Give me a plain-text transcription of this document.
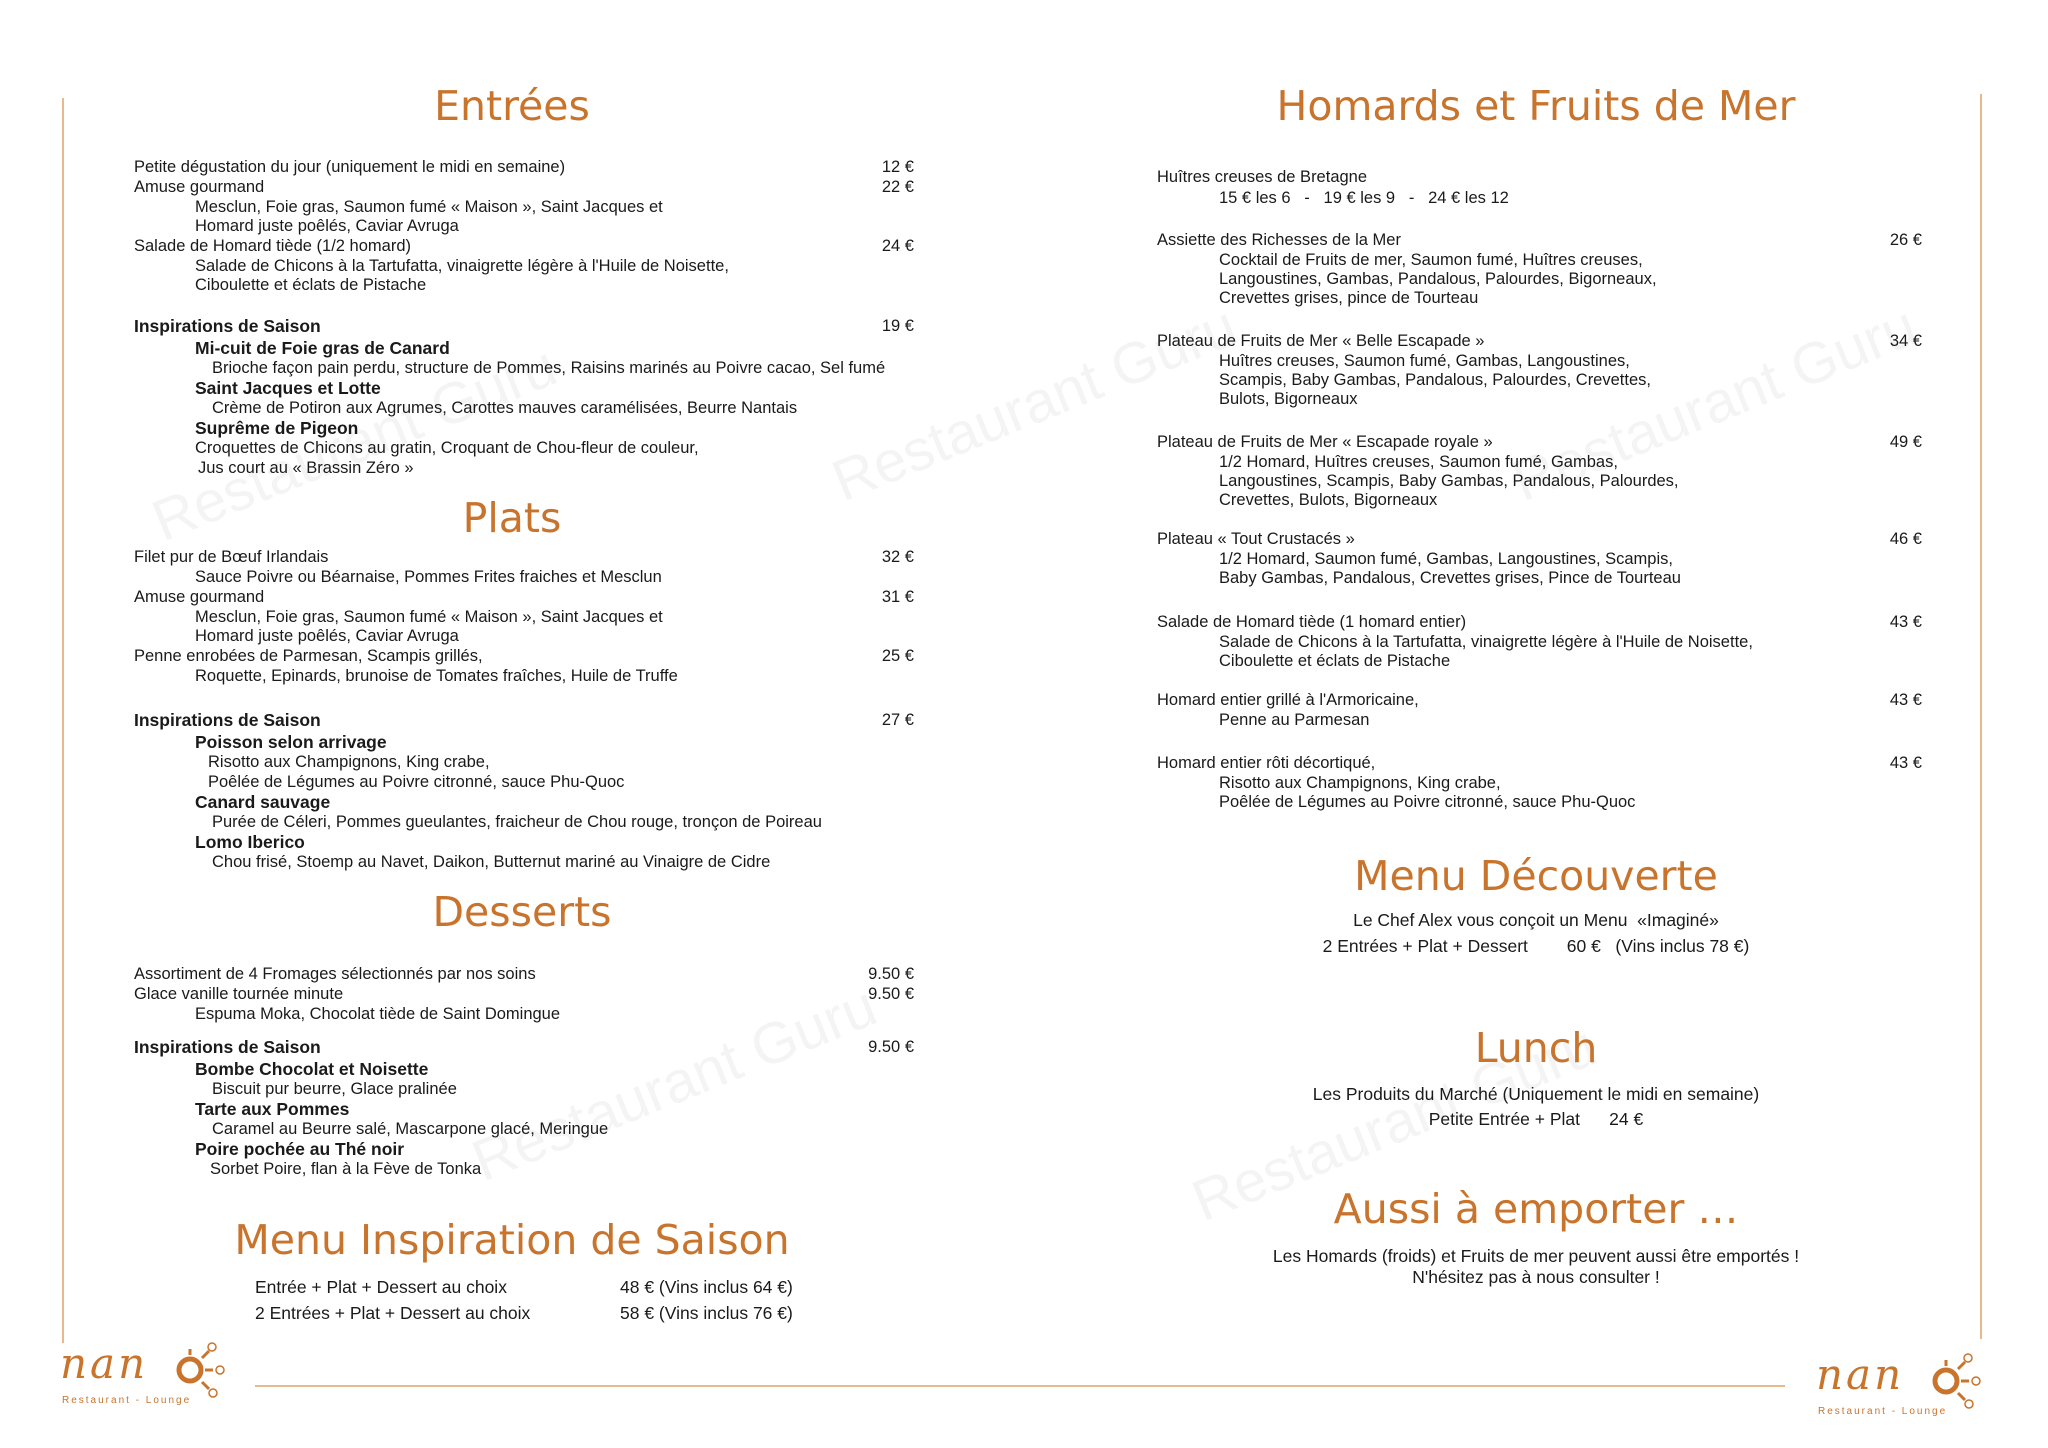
Entrées
Petite dégustation du jour (uniquement le midi en semaine)	12 €
Amuse gourmand	22 €
Mesclun, Foie gras, Saumon fumé « Maison », Saint Jacques et
Homard juste poêlés, Caviar Avruga
Salade de Homard tiède (1/2 homard)	24 €
Salade de Chicons à la Tartufatta, vinaigrette légère à l'Huile de Noisette,
Ciboulette et éclats de Pistache
Inspirations de Saison	19 €
Mi-cuit de Foie gras de Canard
Brioche façon pain perdu, structure de Pommes, Raisins marinés au Poivre cacao, Sel fumé
Saint Jacques et Lotte
Crème de Potiron aux Agrumes, Carottes mauves caramélisées, Beurre Nantais
Suprême de Pigeon
Croquettes de Chicons au gratin, Croquant de Chou-fleur de couleur,
Jus court au « Brassin Zéro »
Plats
Filet pur de Bœuf Irlandais	32 €
Sauce Poivre ou Béarnaise, Pommes Frites fraiches et Mesclun
Amuse gourmand	31 €
Mesclun, Foie gras, Saumon fumé « Maison », Saint Jacques et
Homard juste poêlés, Caviar Avruga
Penne enrobées de Parmesan, Scampis grillés,	25 €
Roquette, Epinards, brunoise de Tomates fraîches, Huile de Truffe
Inspirations de Saison	27 €
Poisson selon arrivage
Risotto aux Champignons, King crabe,
Poêlée de Légumes au Poivre citronné, sauce Phu-Quoc
Canard sauvage
Purée de Céleri, Pommes gueulantes, fraicheur de Chou rouge, tronçon de Poireau
Lomo Iberico
Chou frisé, Stoemp au Navet, Daikon, Butternut mariné au Vinaigre de Cidre
Desserts
Assortiment de 4 Fromages sélectionnés par nos soins	9.50 €
Glace vanille tournée minute	9.50 €
Espuma Moka, Chocolat tiède de Saint Domingue
Inspirations de Saison	9.50 €
Bombe Chocolat et Noisette
Biscuit pur beurre, Glace pralinée
Tarte aux Pommes
Caramel au Beurre salé, Mascarpone glacé, Meringue
Poire pochée au Thé noir
Sorbet Poire, flan à la Fève de Tonka
Menu Inspiration de Saison
Entrée + Plat + Dessert au choix	48 € (Vins inclus 64 €)
2 Entrées + Plat + Dessert au choix	58 € (Vins inclus 76 €)
nan
Restaurant - Lounge
Homards et Fruits de Mer
Huîtres creuses de Bretagne
15 € les 6   -   19 € les 9   -   24 € les 12
Assiette des Richesses de la Mer	26 €
Cocktail de Fruits de mer, Saumon fumé, Huîtres creuses,
Langoustines, Gambas, Pandalous, Palourdes, Bigorneaux,
Crevettes grises, pince de Tourteau
Plateau de Fruits de Mer « Belle Escapade »	34 €
Huîtres creuses, Saumon fumé, Gambas, Langoustines,
Scampis, Baby Gambas, Pandalous, Palourdes, Crevettes,
Bulots, Bigorneaux
Plateau de Fruits de Mer « Escapade royale »	49 €
1/2 Homard, Huîtres creuses, Saumon fumé, Gambas,
Langoustines, Scampis, Baby Gambas, Pandalous, Palourdes,
Crevettes, Bulots, Bigorneaux
Plateau « Tout Crustacés »	46 €
1/2 Homard, Saumon fumé, Gambas, Langoustines, Scampis,
Baby Gambas, Pandalous, Crevettes grises, Pince de Tourteau
Salade de Homard tiède (1 homard entier)	43 €
Salade de Chicons à la Tartufatta, vinaigrette légère à l'Huile de Noisette,
Ciboulette et éclats de Pistache
Homard entier grillé à l'Armoricaine,	43 €
Penne au Parmesan
Homard entier rôti décortiqué,	43 €
Risotto aux Champignons, King crabe,
Poêlée de Légumes au Poivre citronné, sauce Phu-Quoc
Menu Découverte
Le Chef Alex vous conçoit un Menu  «Imaginé»
2 Entrées + Plat + Dessert        60 €   (Vins inclus 78 €)
Lunch
Les Produits du Marché (Uniquement le midi en semaine)
Petite Entrée + Plat      24 €
Aussi à emporter …
Les Homards (froids) et Fruits de mer peuvent aussi être emportés !
N'hésitez pas à nous consulter !
nan
Restaurant - Lounge
